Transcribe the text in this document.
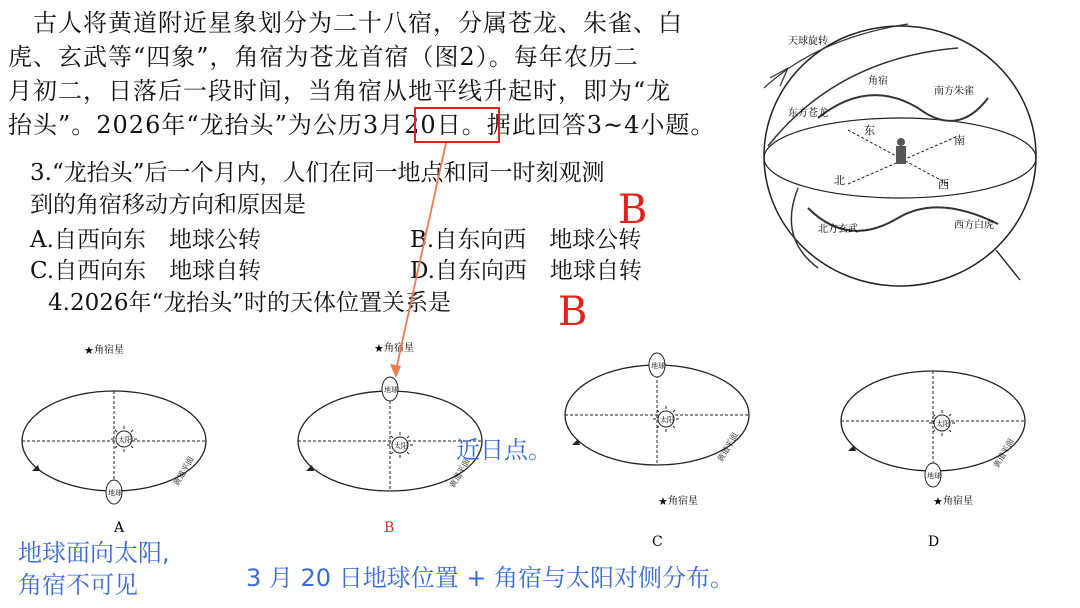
　古人将黄道附近星象划分为二十八宿，分属苍龙、朱雀、白
虎、玄武等“四象”，角宿为苍龙首宿（图2）。每年农历二
月初二，日落后一段时间，当角宿从地平线升起时，即为“龙
抬头”。2026年“龙抬头”为公历3月20日。据此回答3~4小题。
3.“龙抬头”后一个月内，人们在同一地点和同一时刻观测
到的角宿移动方向和原因是
A.自西向东　地球公转	B.自东向西　地球公转
C.自西向东　地球自转	D.自东向西　地球自转
B
4.2026年“龙抬头”时的天体位置关系是	B
天球旋转
角宿
东方苍龙
南方朱雀
北方玄武	西方白虎
东
南
西
北
角宿星
★
太阳
地球
黄道平面
A
角宿星
★
太阳
地球
黄道平面
B
太阳
地球
黄道平面
★ 角宿星
C
太阳
地球
黄道平面
★ 角宿星
D
近日点。
地球面向太阳,
角宿不可见	3 月 20 日地球位置 + 角宿与太阳对侧分布。
